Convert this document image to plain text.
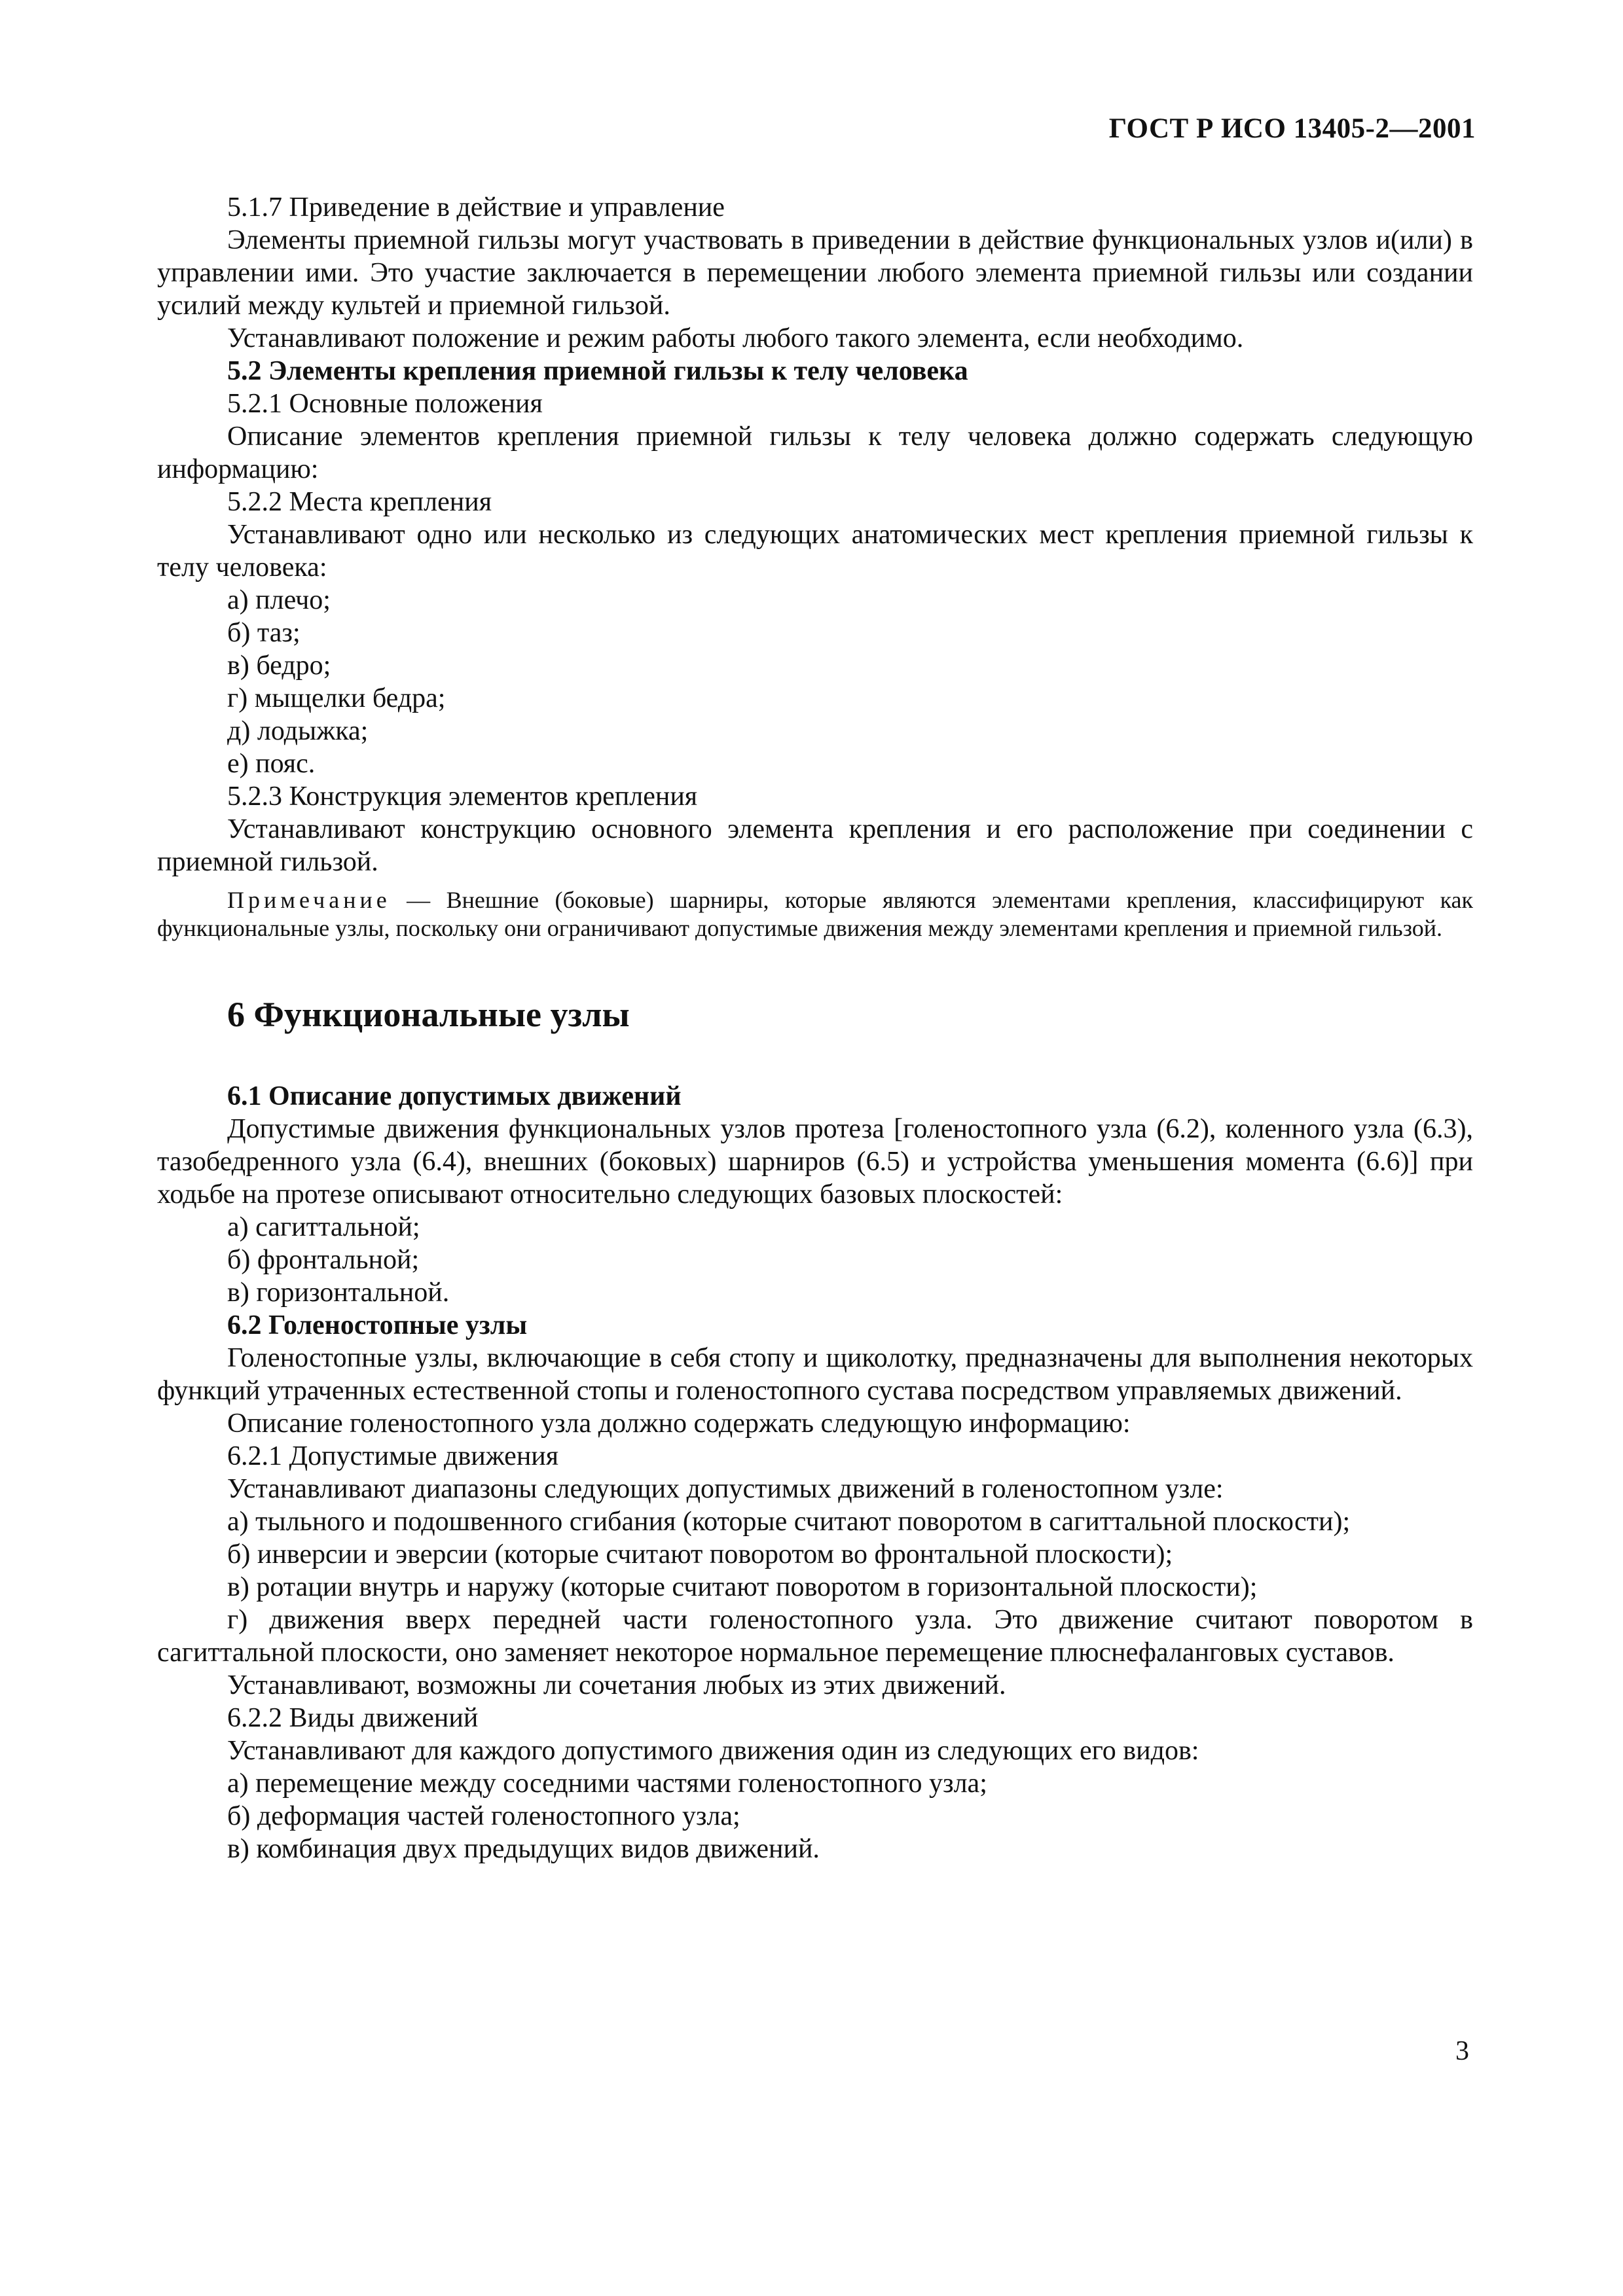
ГОСТ Р ИСО 13405-2—2001

5.1.7 Приведение в действие и управление

Элементы приемной гильзы могут участвовать в приведении в действие функциональных узлов и(или) в управлении ими. Это участие заключается в перемещении любого элемента приемной гильзы или создании усилий между культей и приемной гильзой.

Устанавливают положение и режим работы любого такого элемента, если необходимо.

5.2 Элементы крепления приемной гильзы к телу человека

5.2.1 Основные положения

Описание элементов крепления приемной гильзы к телу человека должно содержать следующую информацию:

5.2.2 Места крепления

Устанавливают одно или несколько из следующих анатомических мест крепления приемной гильзы к телу человека:

а) плечо;

б) таз;

в) бедро;

г) мыщелки бедра;

д) лодыжка;

е) пояс.

5.2.3 Конструкция элементов крепления

Устанавливают конструкцию основного элемента крепления и его расположение при соединении с приемной гильзой.

Примечание — Внешние (боковые) шарниры, которые являются элементами крепления, классифицируют как функциональные узлы, поскольку они ограничивают допустимые движения между элементами крепления и приемной гильзой.

6 Функциональные узлы

6.1 Описание допустимых движений

Допустимые движения функциональных узлов протеза [голеностопного узла (6.2), коленного узла (6.3), тазобедренного узла (6.4), внешних (боковых) шарниров (6.5) и устройства уменьшения момента (6.6)] при ходьбе на протезе описывают относительно следующих базовых плоскостей:

а) сагиттальной;

б) фронтальной;

в) горизонтальной.

6.2 Голеностопные узлы

Голеностопные узлы, включающие в себя стопу и щиколотку, предназначены для выполнения некоторых функций утраченных естественной стопы и голеностопного сустава посредством управляемых движений.

Описание голеностопного узла должно содержать следующую информацию:

6.2.1 Допустимые движения

Устанавливают диапазоны следующих допустимых движений в голеностопном узле:

а) тыльного и подошвенного сгибания (которые считают поворотом в сагиттальной плоскости);

б) инверсии и эверсии (которые считают поворотом во фронтальной плоскости);

в) ротации внутрь и наружу (которые считают поворотом в горизонтальной плоскости);

г) движения вверх передней части голеностопного узла. Это движение считают поворотом в сагиттальной плоскости, оно заменяет некоторое нормальное перемещение плюснефаланговых суставов.

Устанавливают, возможны ли сочетания любых из этих движений.

6.2.2 Виды движений

Устанавливают для каждого допустимого движения один из следующих его видов:

а) перемещение между соседними частями голеностопного узла;

б) деформация частей голеностопного узла;

в) комбинация двух предыдущих видов движений.

3
